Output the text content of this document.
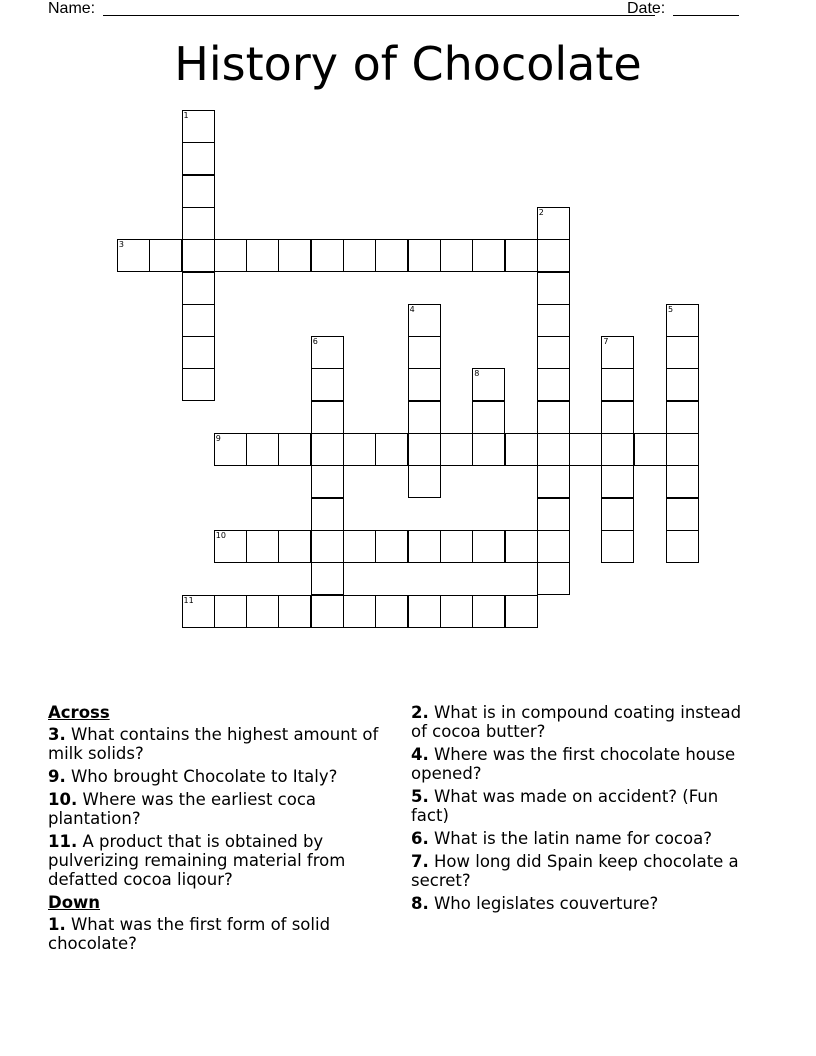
Name:	Date:
History of Chocolate
1
2
3
4	5
6	7
8
9
10
11
Across
3. What contains the highest amount of milk solids?
9. Who brought Chocolate to Italy?
10. Where was the earliest coca plantation?
11. A product that is obtained by pulverizing remaining material from defatted cocoa liqour?
Down
1. What was the first form of solid chocolate?
2. What is in compound coating instead of cocoa butter?
4. Where was the first chocolate house opened?
5. What was made on accident? (Fun fact)
6. What is the latin name for cocoa?
7. How long did Spain keep chocolate a secret?
8. Who legislates couverture?
